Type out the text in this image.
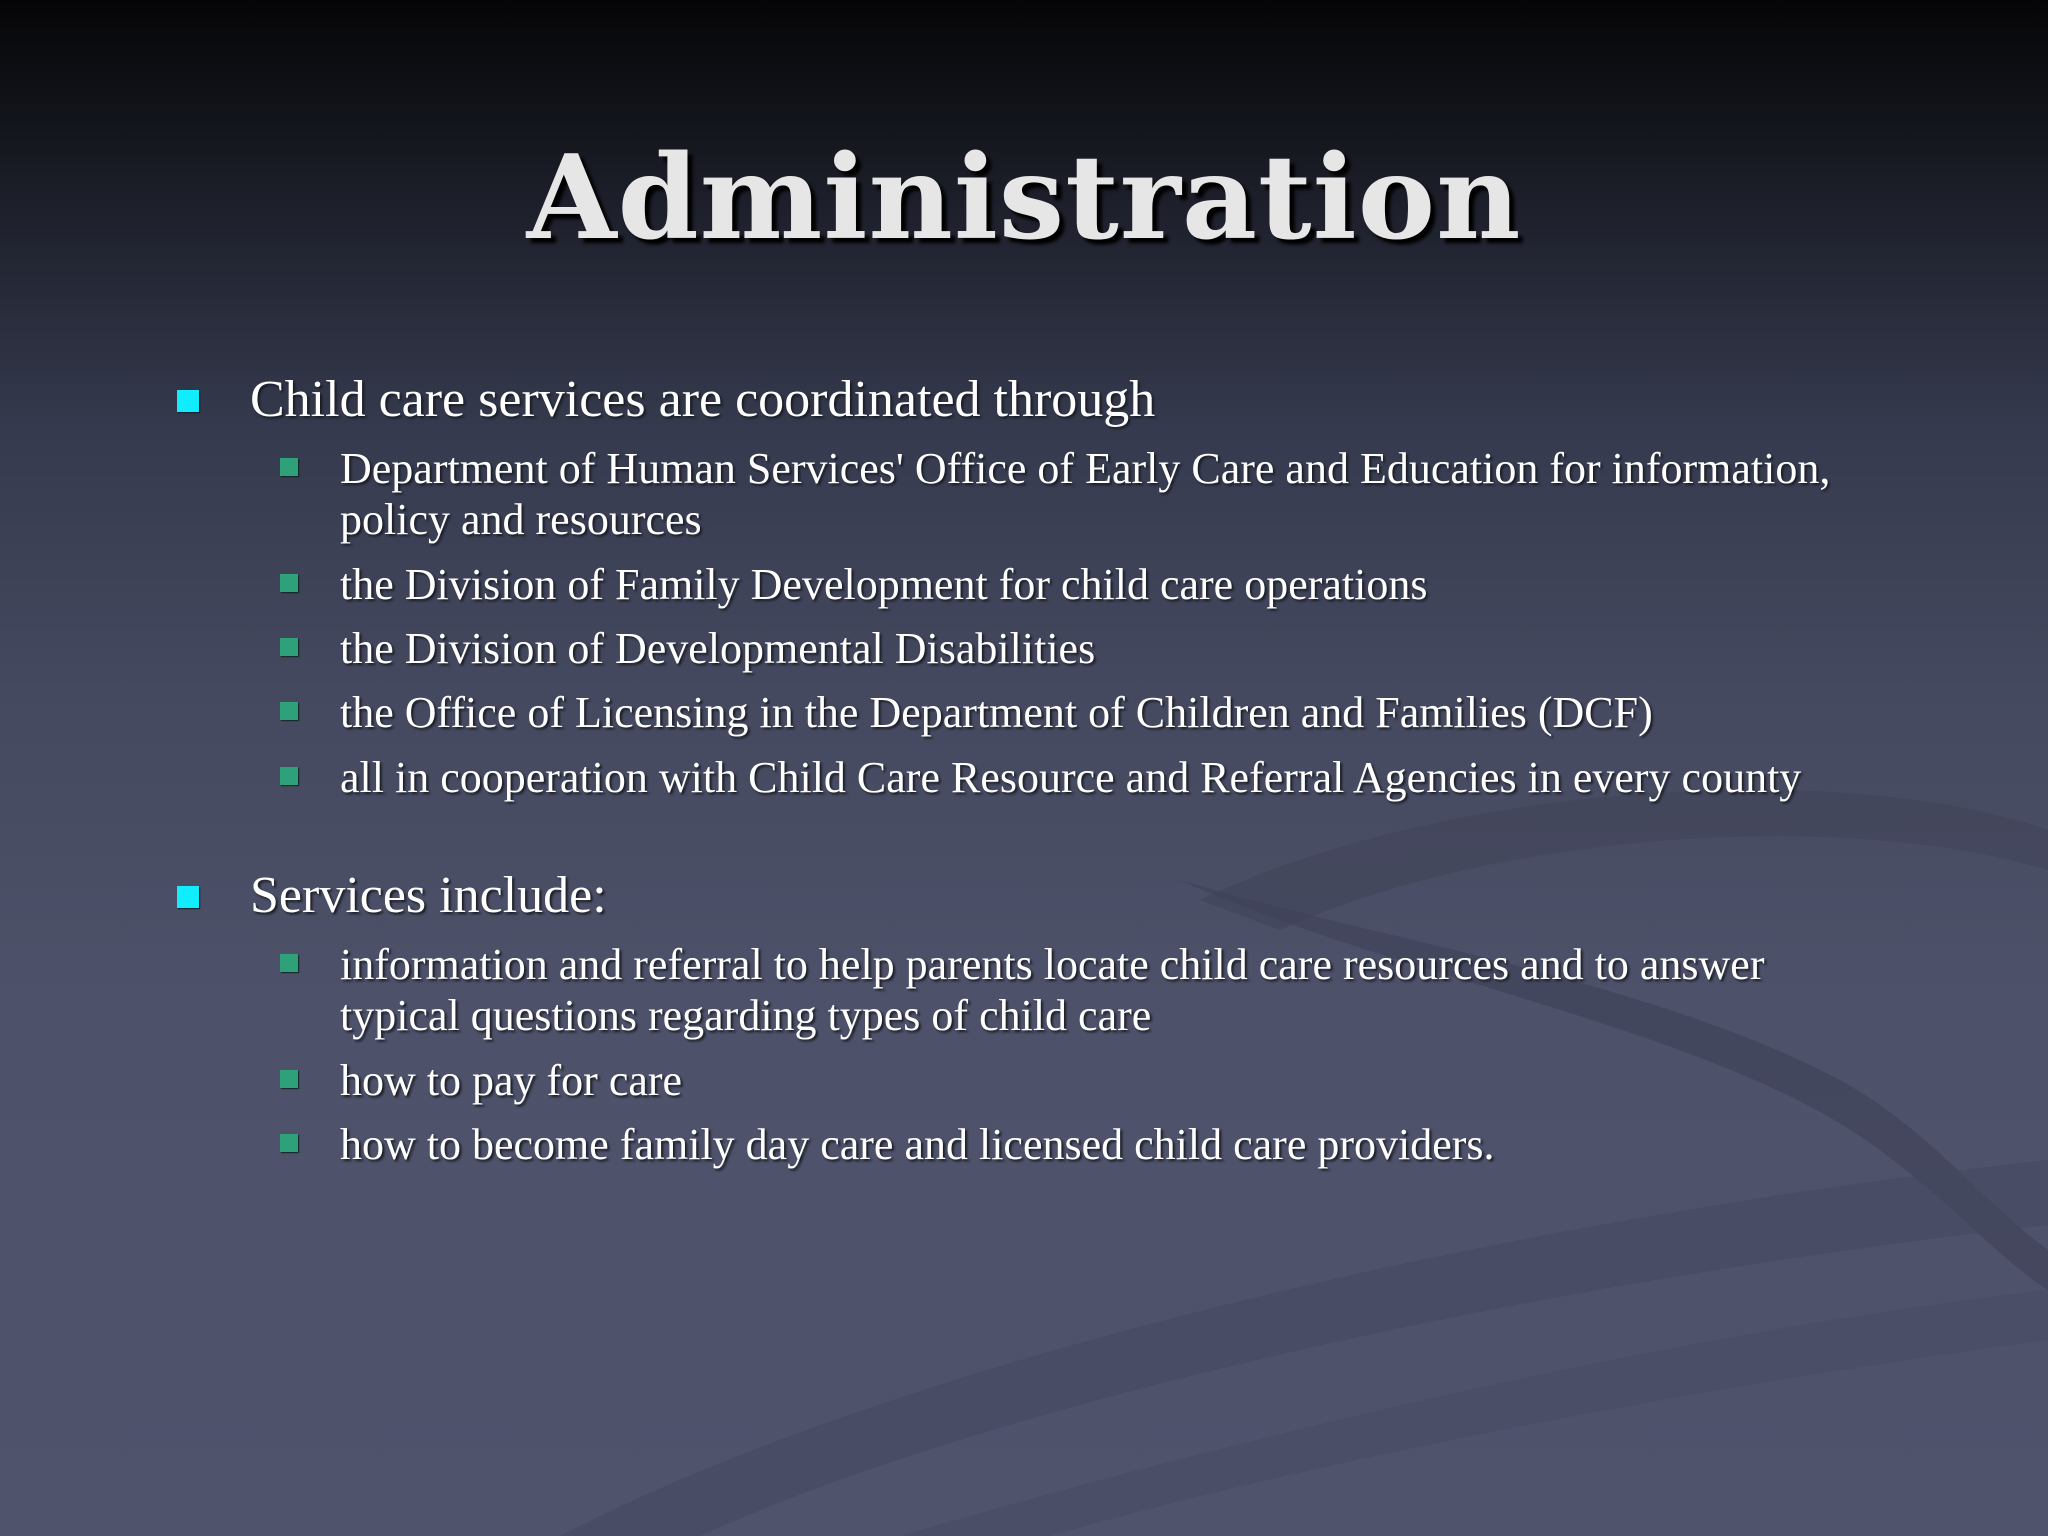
Administration
Child care services are coordinated through
Department of Human Services' Office of Early Care and Education for information, policy and resources
the Division of Family Development for child care operations
the Division of Developmental Disabilities
the Office of Licensing in the Department of Children and Families (DCF)
all in cooperation with Child Care Resource and Referral Agencies in every county
Services include:
information and referral to help parents locate child care resources and to answer typical questions regarding types of child care
how to pay for care
how to become family day care and licensed child care providers.
